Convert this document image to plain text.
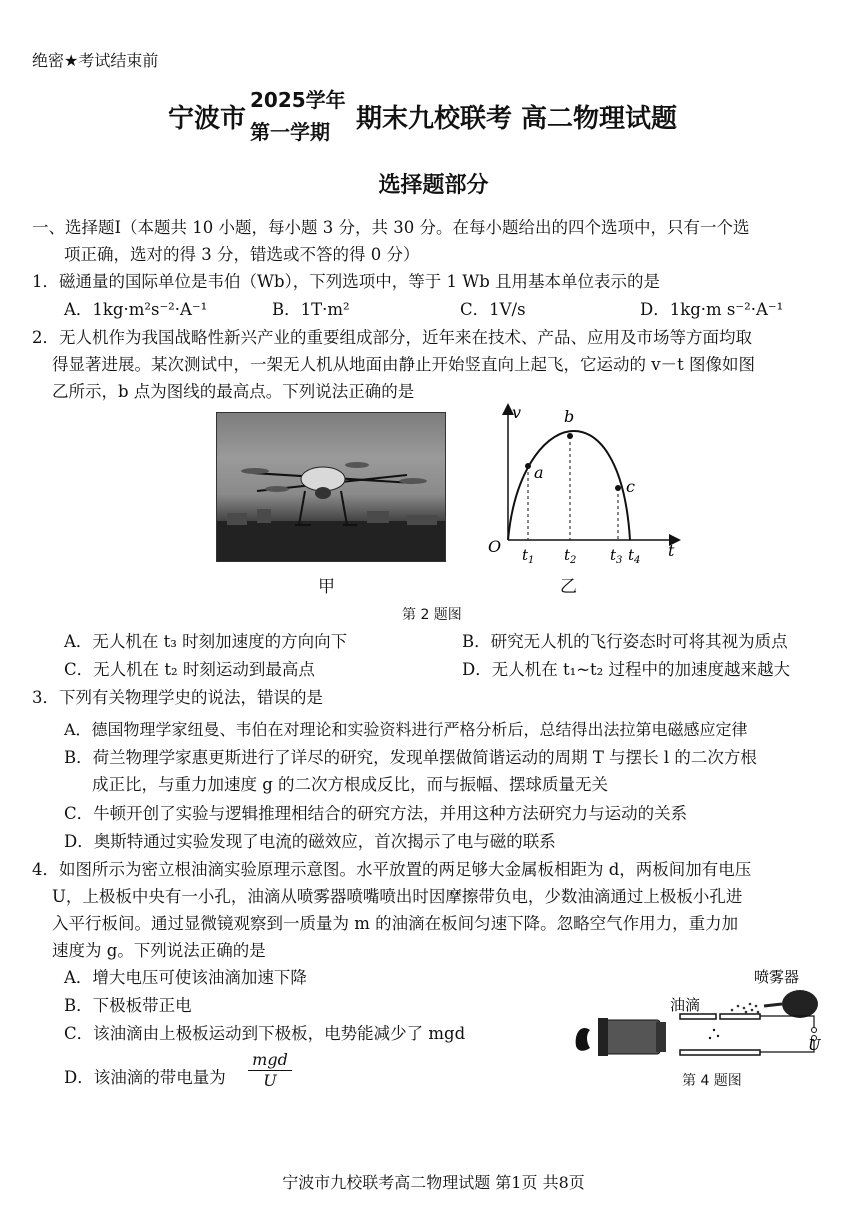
绝密★考试结束前
宁波市
2025学年
第一学期 期末九校联考 高二物理试题
选择题部分
一、选择题Ⅰ（本题共 10 小题，每小题 3 分，共 30 分。在每小题给出的四个选项中，只有一个选
项正确，选对的得 3 分，错选或不答的得 0 分）
1．磁通量的国际单位是韦伯（Wb），下列选项中，等于 1 Wb 且用基本单位表示的是
A．1kg·m²s⁻²·A⁻¹	B．1T·m²	C．1V/s	D．1kg·m s⁻²·A⁻¹
2．无人机作为我国战略性新兴产业的重要组成部分，近年来在技术、产品、应用及市场等方面均取
得显著进展。某次测试中，一架无人机从地面由静止开始竖直向上起飞，它运动的 v－t 图像如图
乙所示，b 点为图线的最高点。下列说法正确的是
甲
v
t
O
a
b
c
$t_1$ $t_2$ $t_3$ $t_4$
乙
第 2 题图
A．无人机在 t₃ 时刻加速度的方向向下	B．研究无人机的飞行姿态时可将其视为质点
C．无人机在 t₂ 时刻运动到最高点	D．无人机在 t₁~t₂ 过程中的加速度越来越大
3．下列有关物理学史的说法，错误的是
A．德国物理学家纽曼、韦伯在对理论和实验资料进行严格分析后，总结得出法拉第电磁感应定律
B．荷兰物理学家惠更斯进行了详尽的研究，发现单摆做简谐运动的周期 T 与摆长 l 的二次方根
成正比，与重力加速度 g 的二次方根成反比，而与振幅、摆球质量无关
C．牛顿开创了实验与逻辑推理相结合的研究方法，并用这种方法研究力与运动的关系
D．奥斯特通过实验发现了电流的磁效应，首次揭示了电与磁的联系
4．如图所示为密立根油滴实验原理示意图。水平放置的两足够大金属板相距为 d，两板间加有电压
U，上极板中央有一小孔，油滴从喷雾器喷嘴喷出时因摩擦带负电，少数油滴通过上极板小孔进
入平行板间。通过显微镜观察到一质量为 m 的油滴在板间匀速下降。忽略空气作用力，重力加
速度为 g。下列说法正确的是
A．增大电压可使该油滴加速下降
B．下极板带正电
C．该油滴由上极板运动到下极板，电势能减少了 mgd
D．该油滴的带电量为
mgd
U
喷雾器
油滴
U
第 4 题图
宁波市九校联考高二物理试题 第1页 共8页
